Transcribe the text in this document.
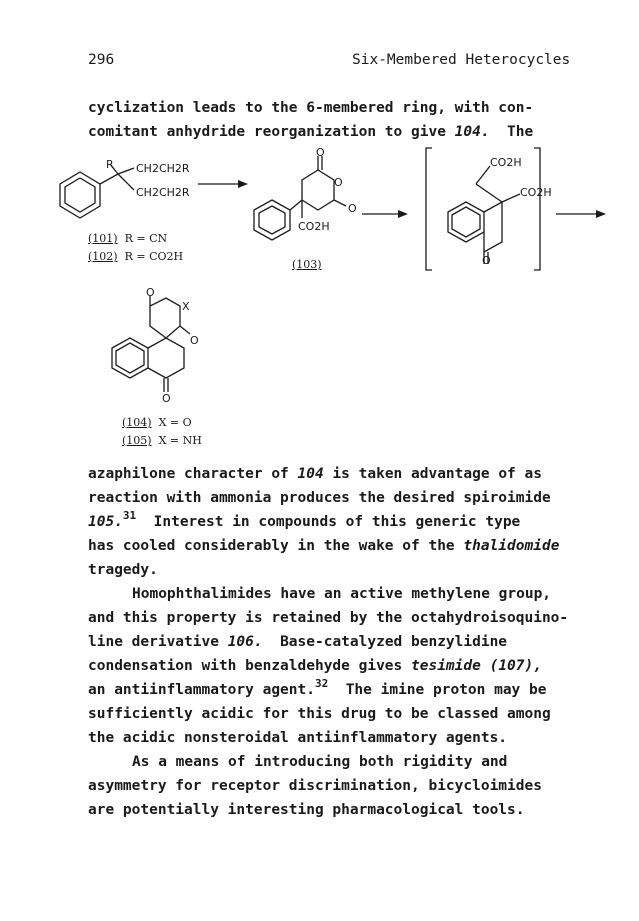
296	Six-Membered Heterocycles
cyclization leads to the 6-membered ring, with con-
comitant anhydride reorganization to give 104.  The
R CH2CH2R
CH2CH2R
O
O
O
CO2H
CO2H
CO2H
O
O
X
O
O
(101) R = CN
(102) R = CO2H
(103)
(104) X = O
(105) X = NH
azaphilone character of 104 is taken advantage of as
reaction with ammonia produces the desired spiroimide
105.31  Interest in compounds of this generic type
has cooled considerably in the wake of the thalidomide
tragedy.
Homophthalimides have an active methylene group,
and this property is retained by the octahydroisoquino-
line derivative 106.  Base-catalyzed benzylidine
condensation with benzaldehyde gives tesimide (107),
an antiinflammatory agent.$^{32}$  The imine proton may be
sufficiently acidic for this drug to be classed among
the acidic nonsteroidal antiinflammatory agents.
As a means of introducing both rigidity and
asymmetry for receptor discrimination, bicycloimides
are potentially interesting pharmacological tools.
